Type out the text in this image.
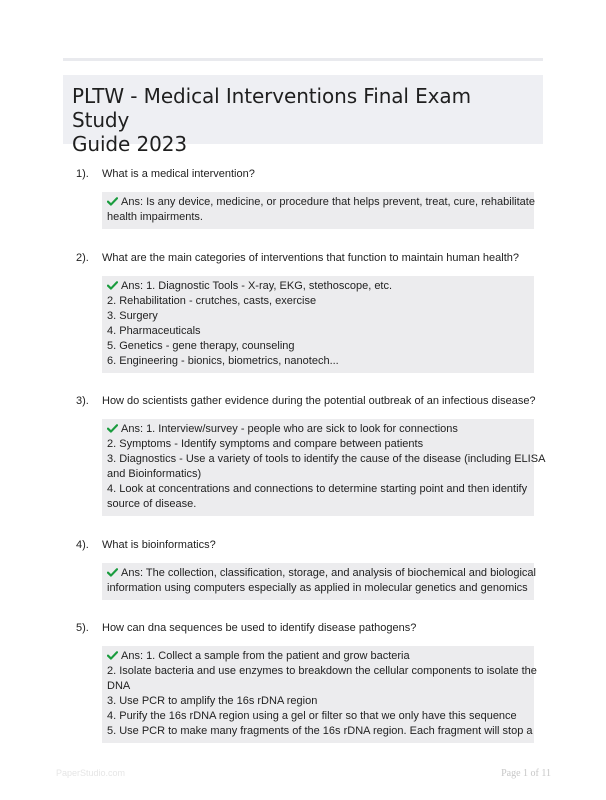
PLTW - Medical Interventions Final Exam Study
Guide 2023
1). What is a medical intervention?
Ans: Is any device, medicine, or procedure that helps prevent, treat, cure, rehabilitate
health impairments.
2). What are the main categories of interventions that function to maintain human health?
Ans: 1. Diagnostic Tools - X-ray, EKG, stethoscope, etc.
2. Rehabilitation - crutches, casts, exercise
3. Surgery
4. Pharmaceuticals
5. Genetics - gene therapy, counseling
6. Engineering - bionics, biometrics, nanotech...
3). How do scientists gather evidence during the potential outbreak of an infectious disease?
Ans: 1. Interview/survey - people who are sick to look for connections
2. Symptoms - Identify symptoms and compare between patients
3. Diagnostics - Use a variety of tools to identify the cause of the disease (including ELISA
and Bioinformatics)
4. Look at concentrations and connections to determine starting point and then identify
source of disease.
4). What is bioinformatics?
Ans: The collection, classification, storage, and analysis of biochemical and biological
information using computers especially as applied in molecular genetics and genomics
5). How can dna sequences be used to identify disease pathogens?
Ans: 1. Collect a sample from the patient and grow bacteria
2. Isolate bacteria and use enzymes to breakdown the cellular components to isolate the
DNA
3. Use PCR to amplify the 16s rDNA region
4. Purify the 16s rDNA region using a gel or filter so that we only have this sequence
5. Use PCR to make many fragments of the 16s rDNA region. Each fragment will stop a
PaperStudio.com	Page 1 of 11
